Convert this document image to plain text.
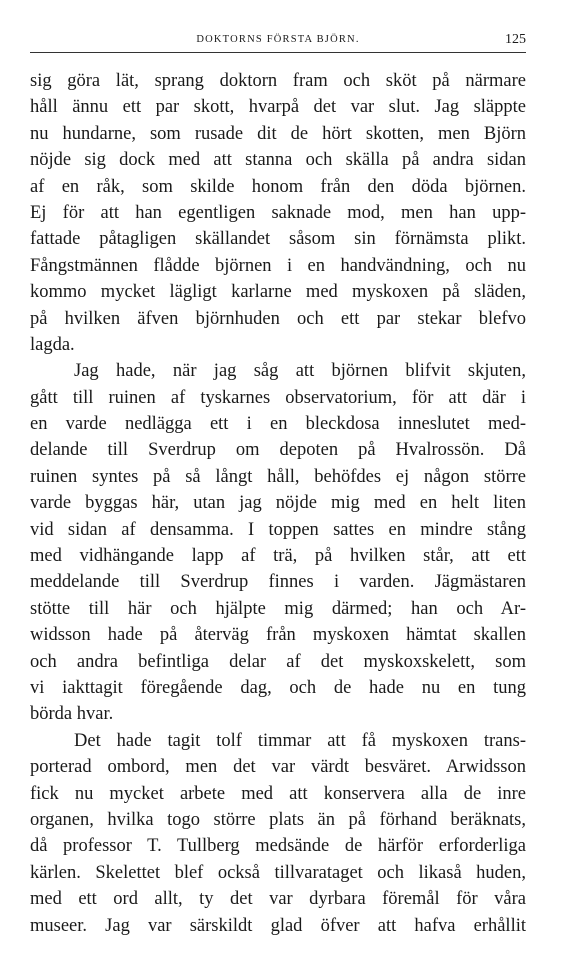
DOKTORNS FÖRSTA BJÖRN.	125
sig göra lät, sprang doktorn fram och sköt på närmare
håll ännu ett par skott, hvarpå det var slut. Jag släppte
nu hundarne, som rusade dit de hört skotten, men Björn
nöjde sig dock med att stanna och skälla på andra sidan
af en råk, som skilde honom från den döda björnen.
Ej för att han egentligen saknade mod, men han upp-
fattade påtagligen skällandet såsom sin förnämsta plikt.
Fångstmännen flådde björnen i en handvändning, och nu
kommo mycket lägligt karlarne med myskoxen på släden,
på hvilken äfven björnhuden och ett par stekar blefvo
lagda.
Jag hade, när jag såg att björnen blifvit skjuten,
gått till ruinen af tyskarnes observatorium, för att där i
en varde nedlägga ett i en bleckdosa inneslutet med-
delande till Sverdrup om depoten på Hvalrossön. Då
ruinen syntes på så långt håll, behöfdes ej någon större
varde byggas här, utan jag nöjde mig med en helt liten
vid sidan af densamma. I toppen sattes en mindre stång
med vidhängande lapp af trä, på hvilken står, att ett
meddelande till Sverdrup finnes i varden. Jägmästaren
stötte till här och hjälpte mig därmed; han och Ar-
widsson hade på återväg från myskoxen hämtat skallen
och andra befintliga delar af det myskoxskelett, som
vi iakttagit föregående dag, och de hade nu en tung
börda hvar.
Det hade tagit tolf timmar att få myskoxen trans-
porterad ombord, men det var värdt besväret. Arwidsson
fick nu mycket arbete med att konservera alla de inre
organen, hvilka togo större plats än på förhand beräknats,
då professor T. Tullberg medsände de härför erforderliga
kärlen. Skelettet blef också tillvarataget och likaså huden,
med ett ord allt, ty det var dyrbara föremål för våra
museer. Jag var särskildt glad öfver att hafva erhållit
